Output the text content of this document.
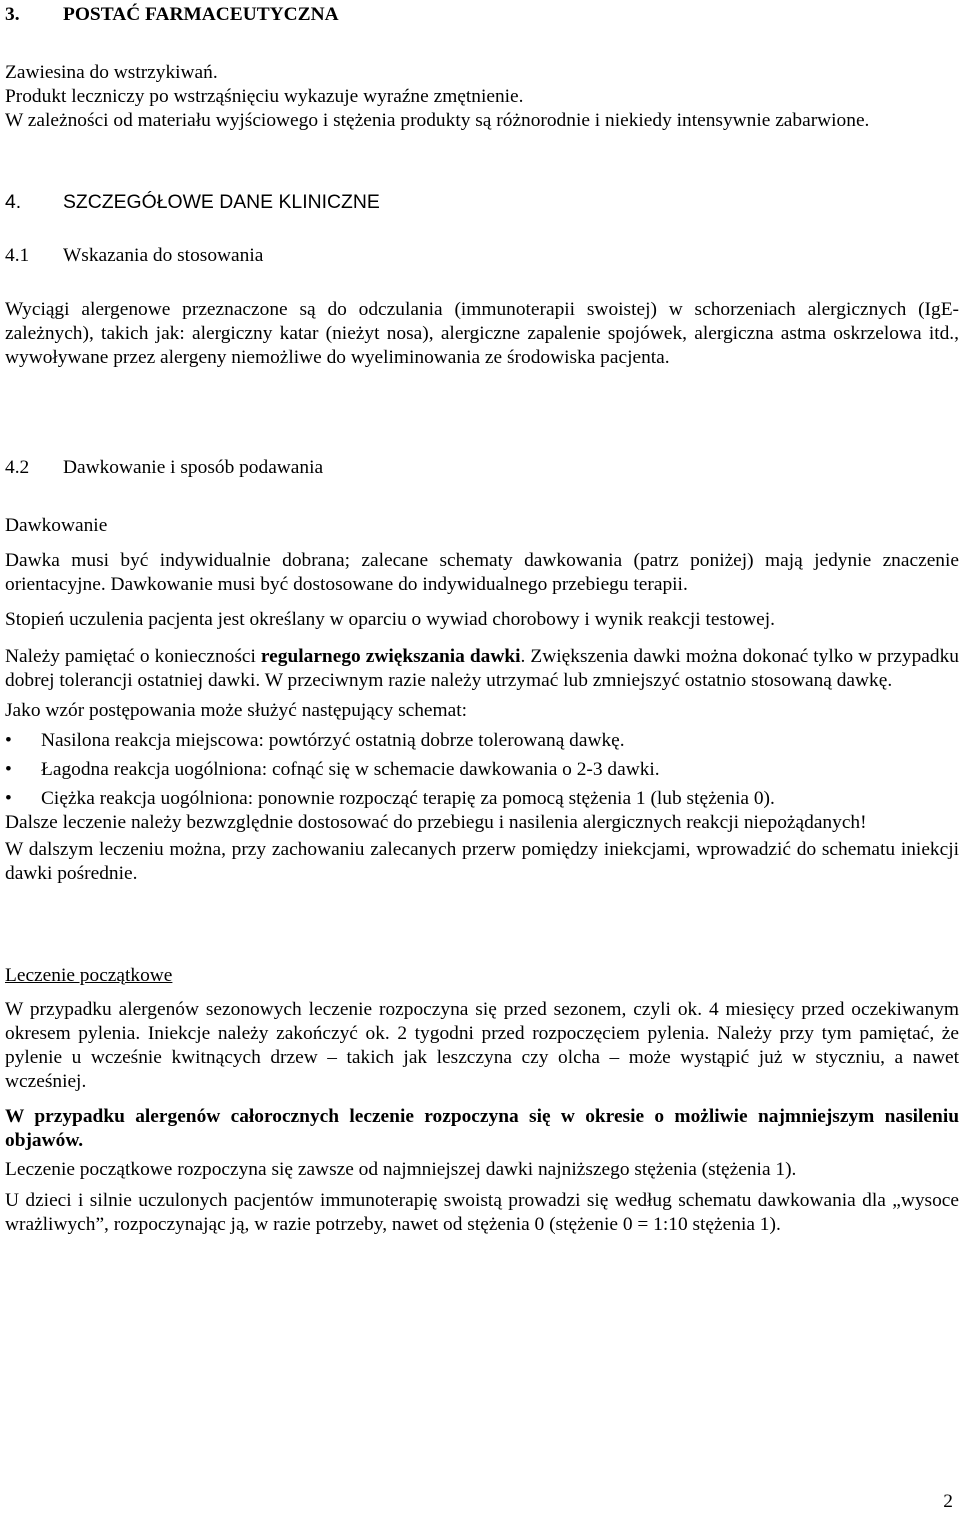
3. POSTAĆ FARMACEUTYCZNA

Zawiesina do wstrzykiwań.

Produkt leczniczy po wstrząśnięciu wykazuje wyraźne zmętnienie.

W zależności od materiału wyjściowego i stężenia produkty są różnorodnie i niekiedy intensywnie zabarwione.

4. SZCZEGÓŁOWE DANE KLINICZNE

4.1 Wskazania do stosowania

Wyciągi alergenowe przeznaczone są do odczulania (immunoterapii swoistej) w schorzeniach alergicznych (IgE-zależnych), takich jak: alergiczny katar (nieżyt nosa), alergiczne zapalenie spojówek, alergiczna astma oskrzelowa itd., wywoływane przez alergeny niemożliwe do wyeliminowania ze środowiska pacjenta.

4.2 Dawkowanie i sposób podawania

Dawkowanie

Dawka musi być indywidualnie dobrana; zalecane schematy dawkowania (patrz poniżej) mają jedynie znaczenie orientacyjne. Dawkowanie musi być dostosowane do indywidualnego przebiegu terapii.

Stopień uczulenia pacjenta jest określany w oparciu o wywiad chorobowy i wynik reakcji testowej.

Należy pamiętać o konieczności regularnego zwiększania dawki. Zwiększenia dawki można dokonać tylko w przypadku dobrej tolerancji ostatniej dawki. W przeciwnym razie należy utrzymać lub zmniejszyć ostatnio stosowaną dawkę.

Jako wzór postępowania może służyć następujący schemat:

• Nasilona reakcja miejscowa: powtórzyć ostatnią dobrze tolerowaną dawkę.

• Łagodna reakcja uogólniona: cofnąć się w schemacie dawkowania o 2-3 dawki.

• Ciężka reakcja uogólniona: ponownie rozpocząć terapię za pomocą stężenia 1 (lub stężenia 0).

Dalsze leczenie należy bezwzględnie dostosować do przebiegu i nasilenia alergicznych reakcji niepożądanych!

W dalszym leczeniu można, przy zachowaniu zalecanych przerw pomiędzy iniekcjami, wprowadzić do schematu iniekcji dawki pośrednie.

Leczenie początkowe

W przypadku alergenów sezonowych leczenie rozpoczyna się przed sezonem, czyli ok. 4 miesięcy przed oczekiwanym okresem pylenia. Iniekcje należy zakończyć ok. 2 tygodni przed rozpoczęciem pylenia. Należy przy tym pamiętać, że pylenie u wcześnie kwitnących drzew – takich jak leszczyna czy olcha – może wystąpić już w styczniu, a nawet wcześniej.

W przypadku alergenów całorocznych leczenie rozpoczyna się w okresie o możliwie najmniejszym nasileniu objawów.

Leczenie początkowe rozpoczyna się zawsze od najmniejszej dawki najniższego stężenia (stężenia 1).

U dzieci i silnie uczulonych pacjentów immunoterapię swoistą prowadzi się według schematu dawkowania dla „wysoce wrażliwych”, rozpoczynając ją, w razie potrzeby, nawet od stężenia 0 (stężenie 0 = 1:10 stężenia 1).

2
